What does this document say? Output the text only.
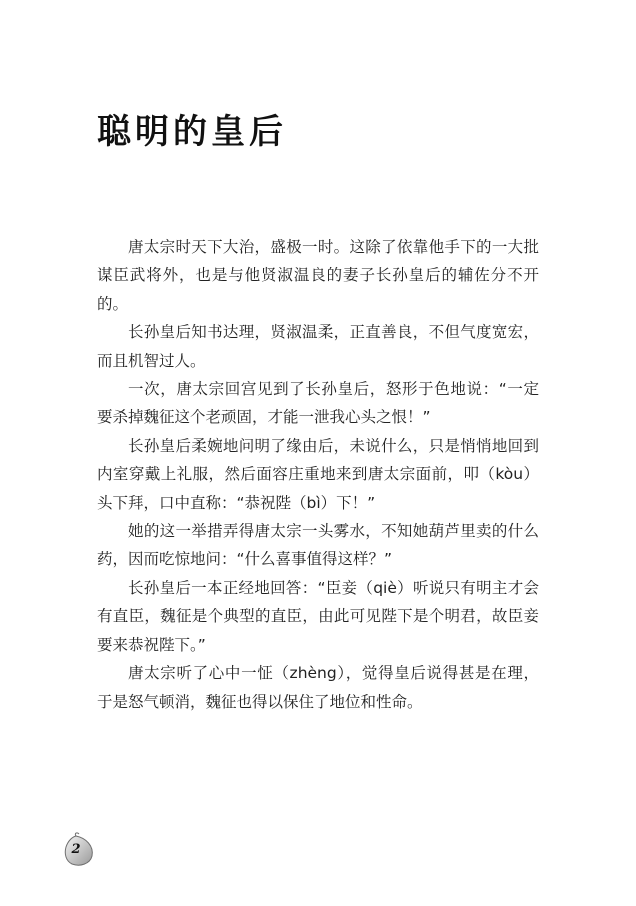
聪明的皇后

唐太宗时天下大治，盛极一时。这除了依靠他手下的一大批谋臣武将外，也是与他贤淑温良的妻子长孙皇后的辅佐分不开的。

长孙皇后知书达理，贤淑温柔，正直善良，不但气度宽宏，而且机智过人。

一次，唐太宗回宫见到了长孙皇后，怒形于色地说：“一定要杀掉魏征这个老顽固，才能一泄我心头之恨！”

长孙皇后柔婉地问明了缘由后，未说什么，只是悄悄地回到内室穿戴上礼服，然后面容庄重地来到唐太宗面前，叩（kòu）头下拜，口中直称：“恭祝陛（bì）下！”

她的这一举措弄得唐太宗一头雾水，不知她葫芦里卖的什么药，因而吃惊地问：“什么喜事值得这样？”

长孙皇后一本正经地回答：“臣妾（qiè）听说只有明主才会有直臣，魏征是个典型的直臣，由此可见陛下是个明君，故臣妾要来恭祝陛下。”

唐太宗听了心中一怔（zhèng），觉得皇后说得甚是在理，于是怒气顿消，魏征也得以保住了地位和性命。

2
